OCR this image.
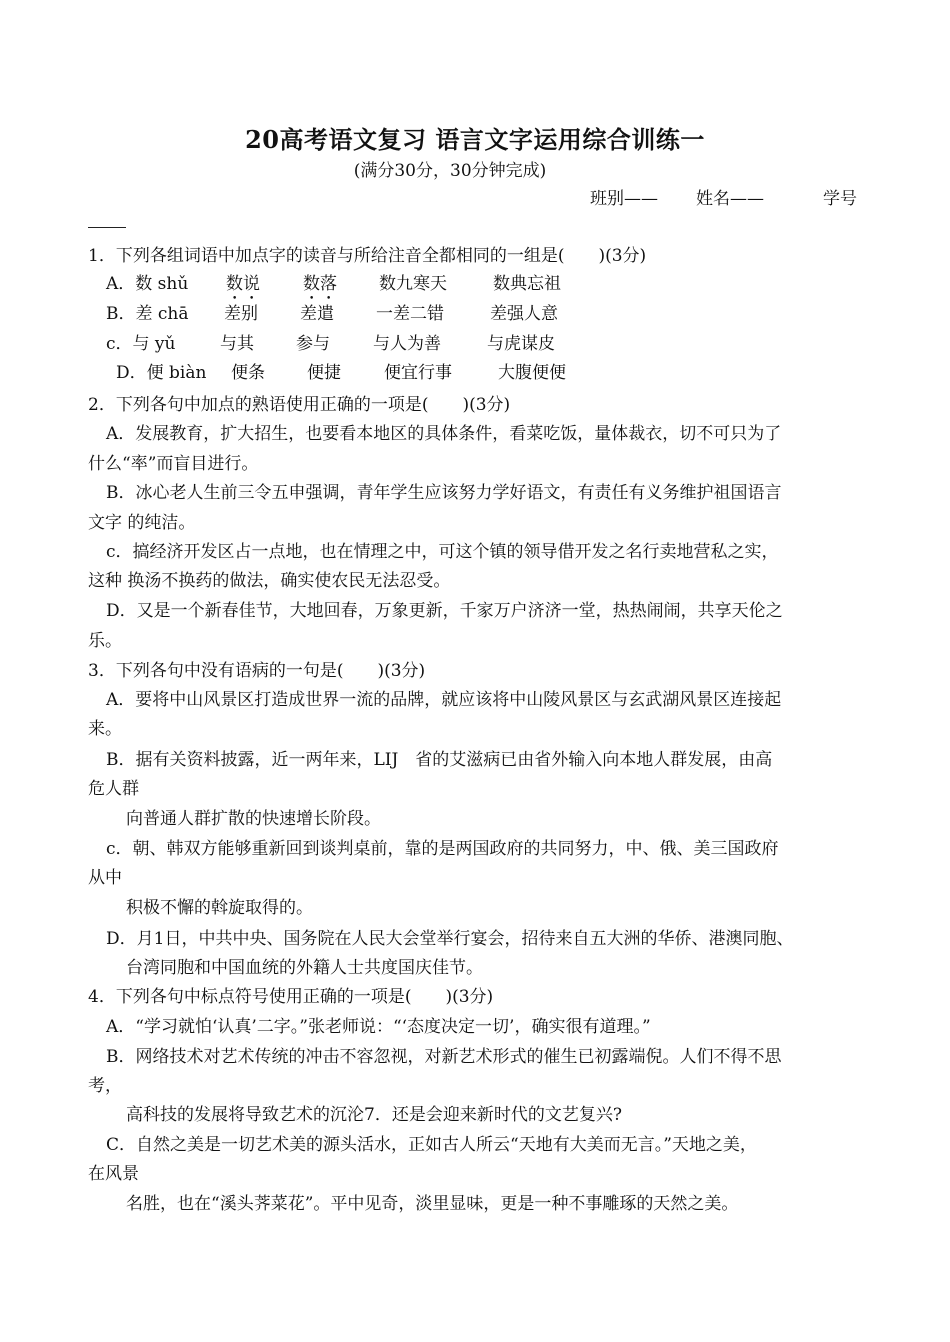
20高考语文复习 语言文字运用综合训练一
(满分30分，30分钟完成)
班别—— 姓名——	学号
1．下列各组词语中加点字的读音与所给注音全都相同的一组是(　　)(3分)
A．数 shǔ 数说	数落 数九寒天	数典忘祖
B．差 chā 差别 差遣 一差二错	差强人意
c．与 yǔ	与其 参与	与人为善	与虎谋皮
D．便 biàn 便条 便捷	便宜行事	大腹便便
2．下列各句中加点的熟语使用正确的一项是(　　)(3分)
A．发展教育，扩大招生，也要看本地区的具体条件，看菜吃饭，量体裁衣，切不可只为了
什么“率”而盲目进行。
B．冰心老人生前三令五申强调，青年学生应该努力学好语文，有责任有义务维护祖国语言
文字 的纯洁。
c．搞经济开发区占一点地，也在情理之中，可这个镇的领导借开发之名行卖地营私之实，
这种 换汤不换药的做法，确实使农民无法忍受。
D．又是一个新春佳节，大地回春，万象更新，千家万户济济一堂，热热闹闹，共享天伦之
乐。
3．下列各句中没有语病的一句是(　　)(3分)
A．要将中山风景区打造成世界一流的品牌，就应该将中山陵风景区与玄武湖风景区连接起
来。
B．据有关资料披露，近一两年来，LIJ　省的艾滋病已由省外输入向本地人群发展，由高
危人群
向普通人群扩散的快速增长阶段。
c．朝、韩双方能够重新回到谈判桌前，靠的是两国政府的共同努力，中、俄、美三国政府
从中
积极不懈的斡旋取得的。
D．月1日，中共中央、国务院在人民大会堂举行宴会，招待来自五大洲的华侨、港澳同胞、
台湾同胞和中国血统的外籍人士共度国庆佳节。
4．下列各句中标点符号使用正确的一项是(　　)(3分)
A．“学习就怕‘认真’二字。”张老师说：“‘态度决定一切’，确实很有道理。”
B．网络技术对艺术传统的冲击不容忽视，对新艺术形式的催生已初露端倪。人们不得不思
考，
高科技的发展将导致艺术的沉沦7．还是会迎来新时代的文艺复兴?
C．自然之美是一切艺术美的源头活水，正如古人所云“天地有大美而无言。”天地之美，
在风景
名胜，也在“溪头荠菜花”。平中见奇，淡里显味，更是一种不事雕琢的天然之美。
